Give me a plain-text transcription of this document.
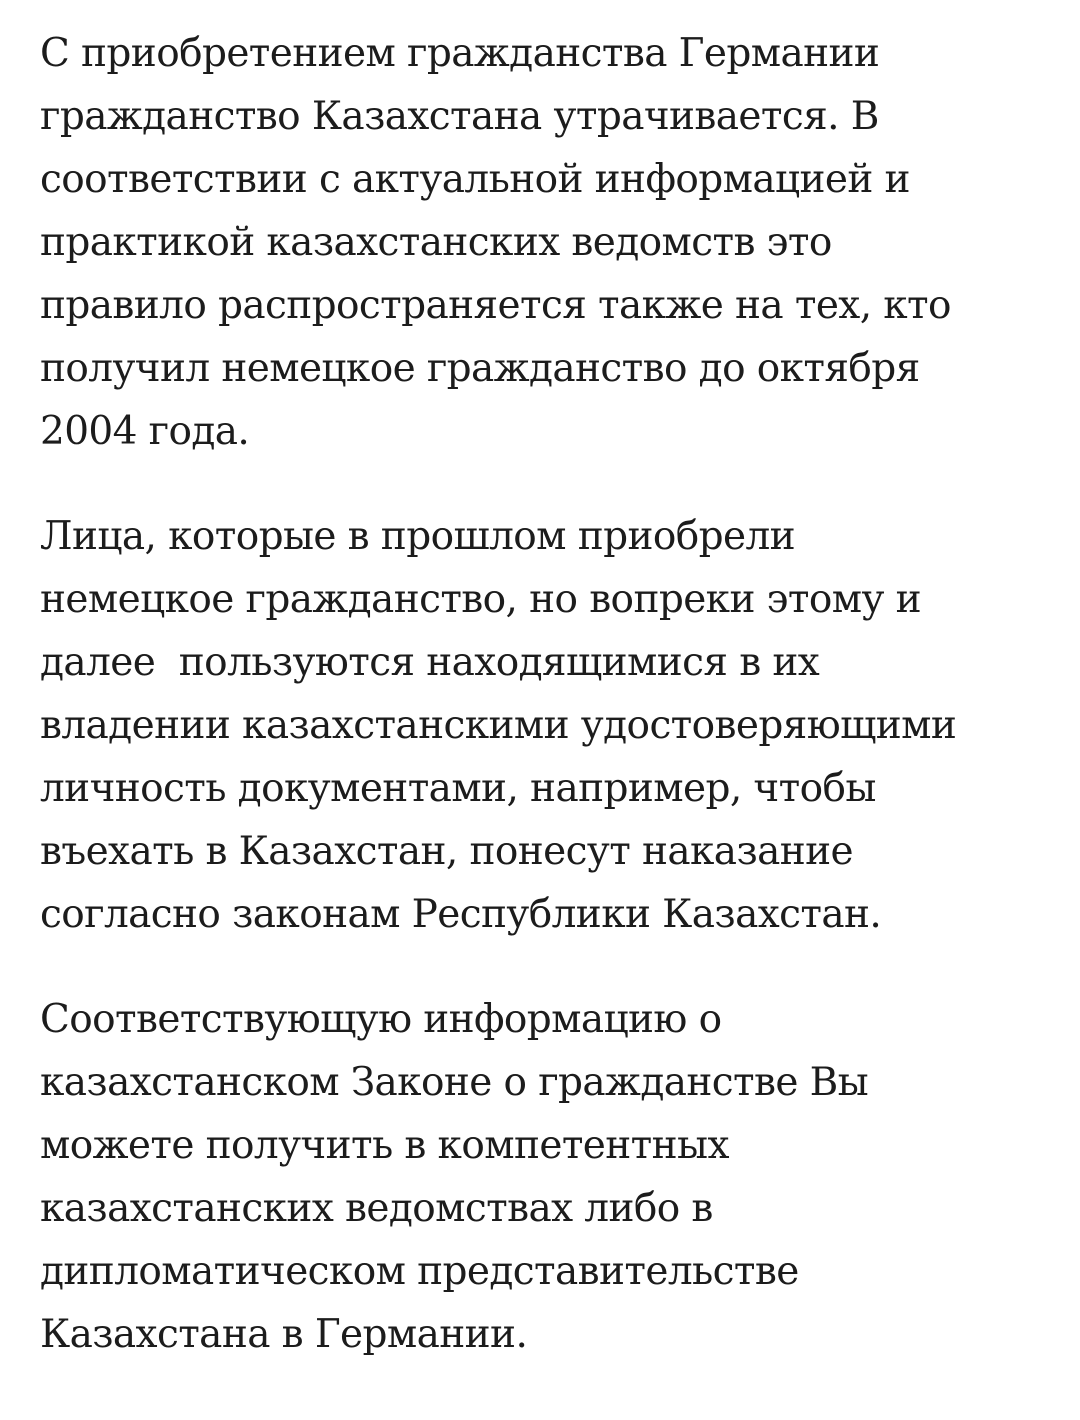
С приобретением гражданства Германии
гражданство Казахстана утрачивается. В
соответствии с актуальной информацией и
практикой казахстанских ведомств это
правило распространяется также на тех, кто
получил немецкое гражданство до октября
2004 года.

Лица, которые в прошлом приобрели
немецкое гражданство, но вопреки этому и
далее  пользуются находящимися в их
владении казахстанскими удостоверяющими
личность документами, например, чтобы
въехать в Казахстан, понесут наказание
согласно законам Республики Казахстан.

Соответствующую информацию о
казахстанском Законе о гражданстве Вы
можете получить в компетентных
казахстанских ведомствах либо в
дипломатическом представительстве
Казахстана в Германии.
